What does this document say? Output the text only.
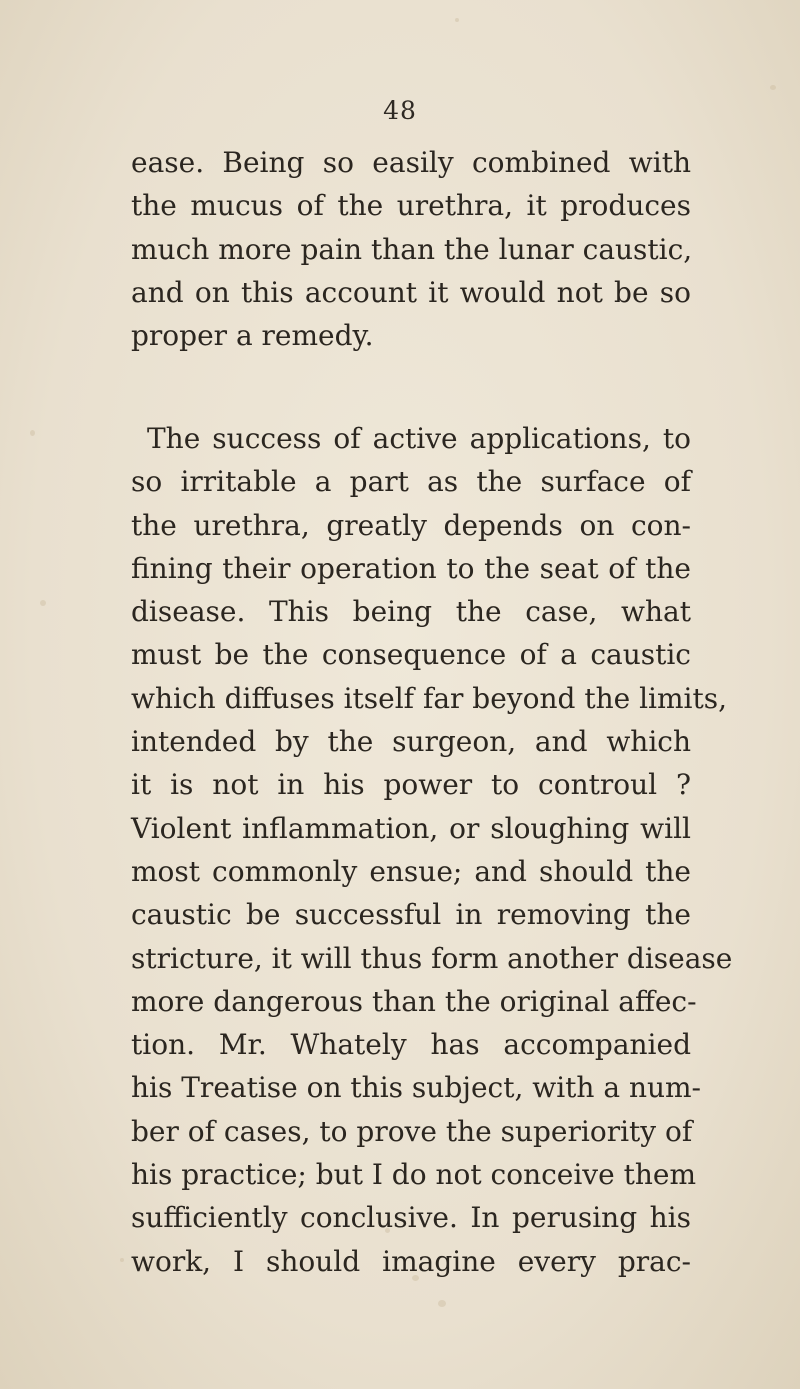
48
ease. Being so easily combined with
the mucus of the urethra, it produces
much more pain than the lunar caustic,
and on this account it would not be so
proper a remedy.
The success of active applications, to
so irritable a part as the surface of
the urethra, greatly depends on con-
fining their operation to the seat of the
disease. This being the case, what
must be the consequence of a caustic
which diffuses itself far beyond the limits,
intended by the surgeon, and which
it is not in his power to controul ?
Violent inflammation, or sloughing will
most commonly ensue; and should the
caustic be successful in removing the
stricture, it will thus form another disease
more dangerous than the original affec-
tion. Mr. Whately has accompanied
his Treatise on this subject, with a num-
ber of cases, to prove the superiority of
his practice; but I do not conceive them
sufficiently conclusive. In perusing his
work, I should imagine every prac-
